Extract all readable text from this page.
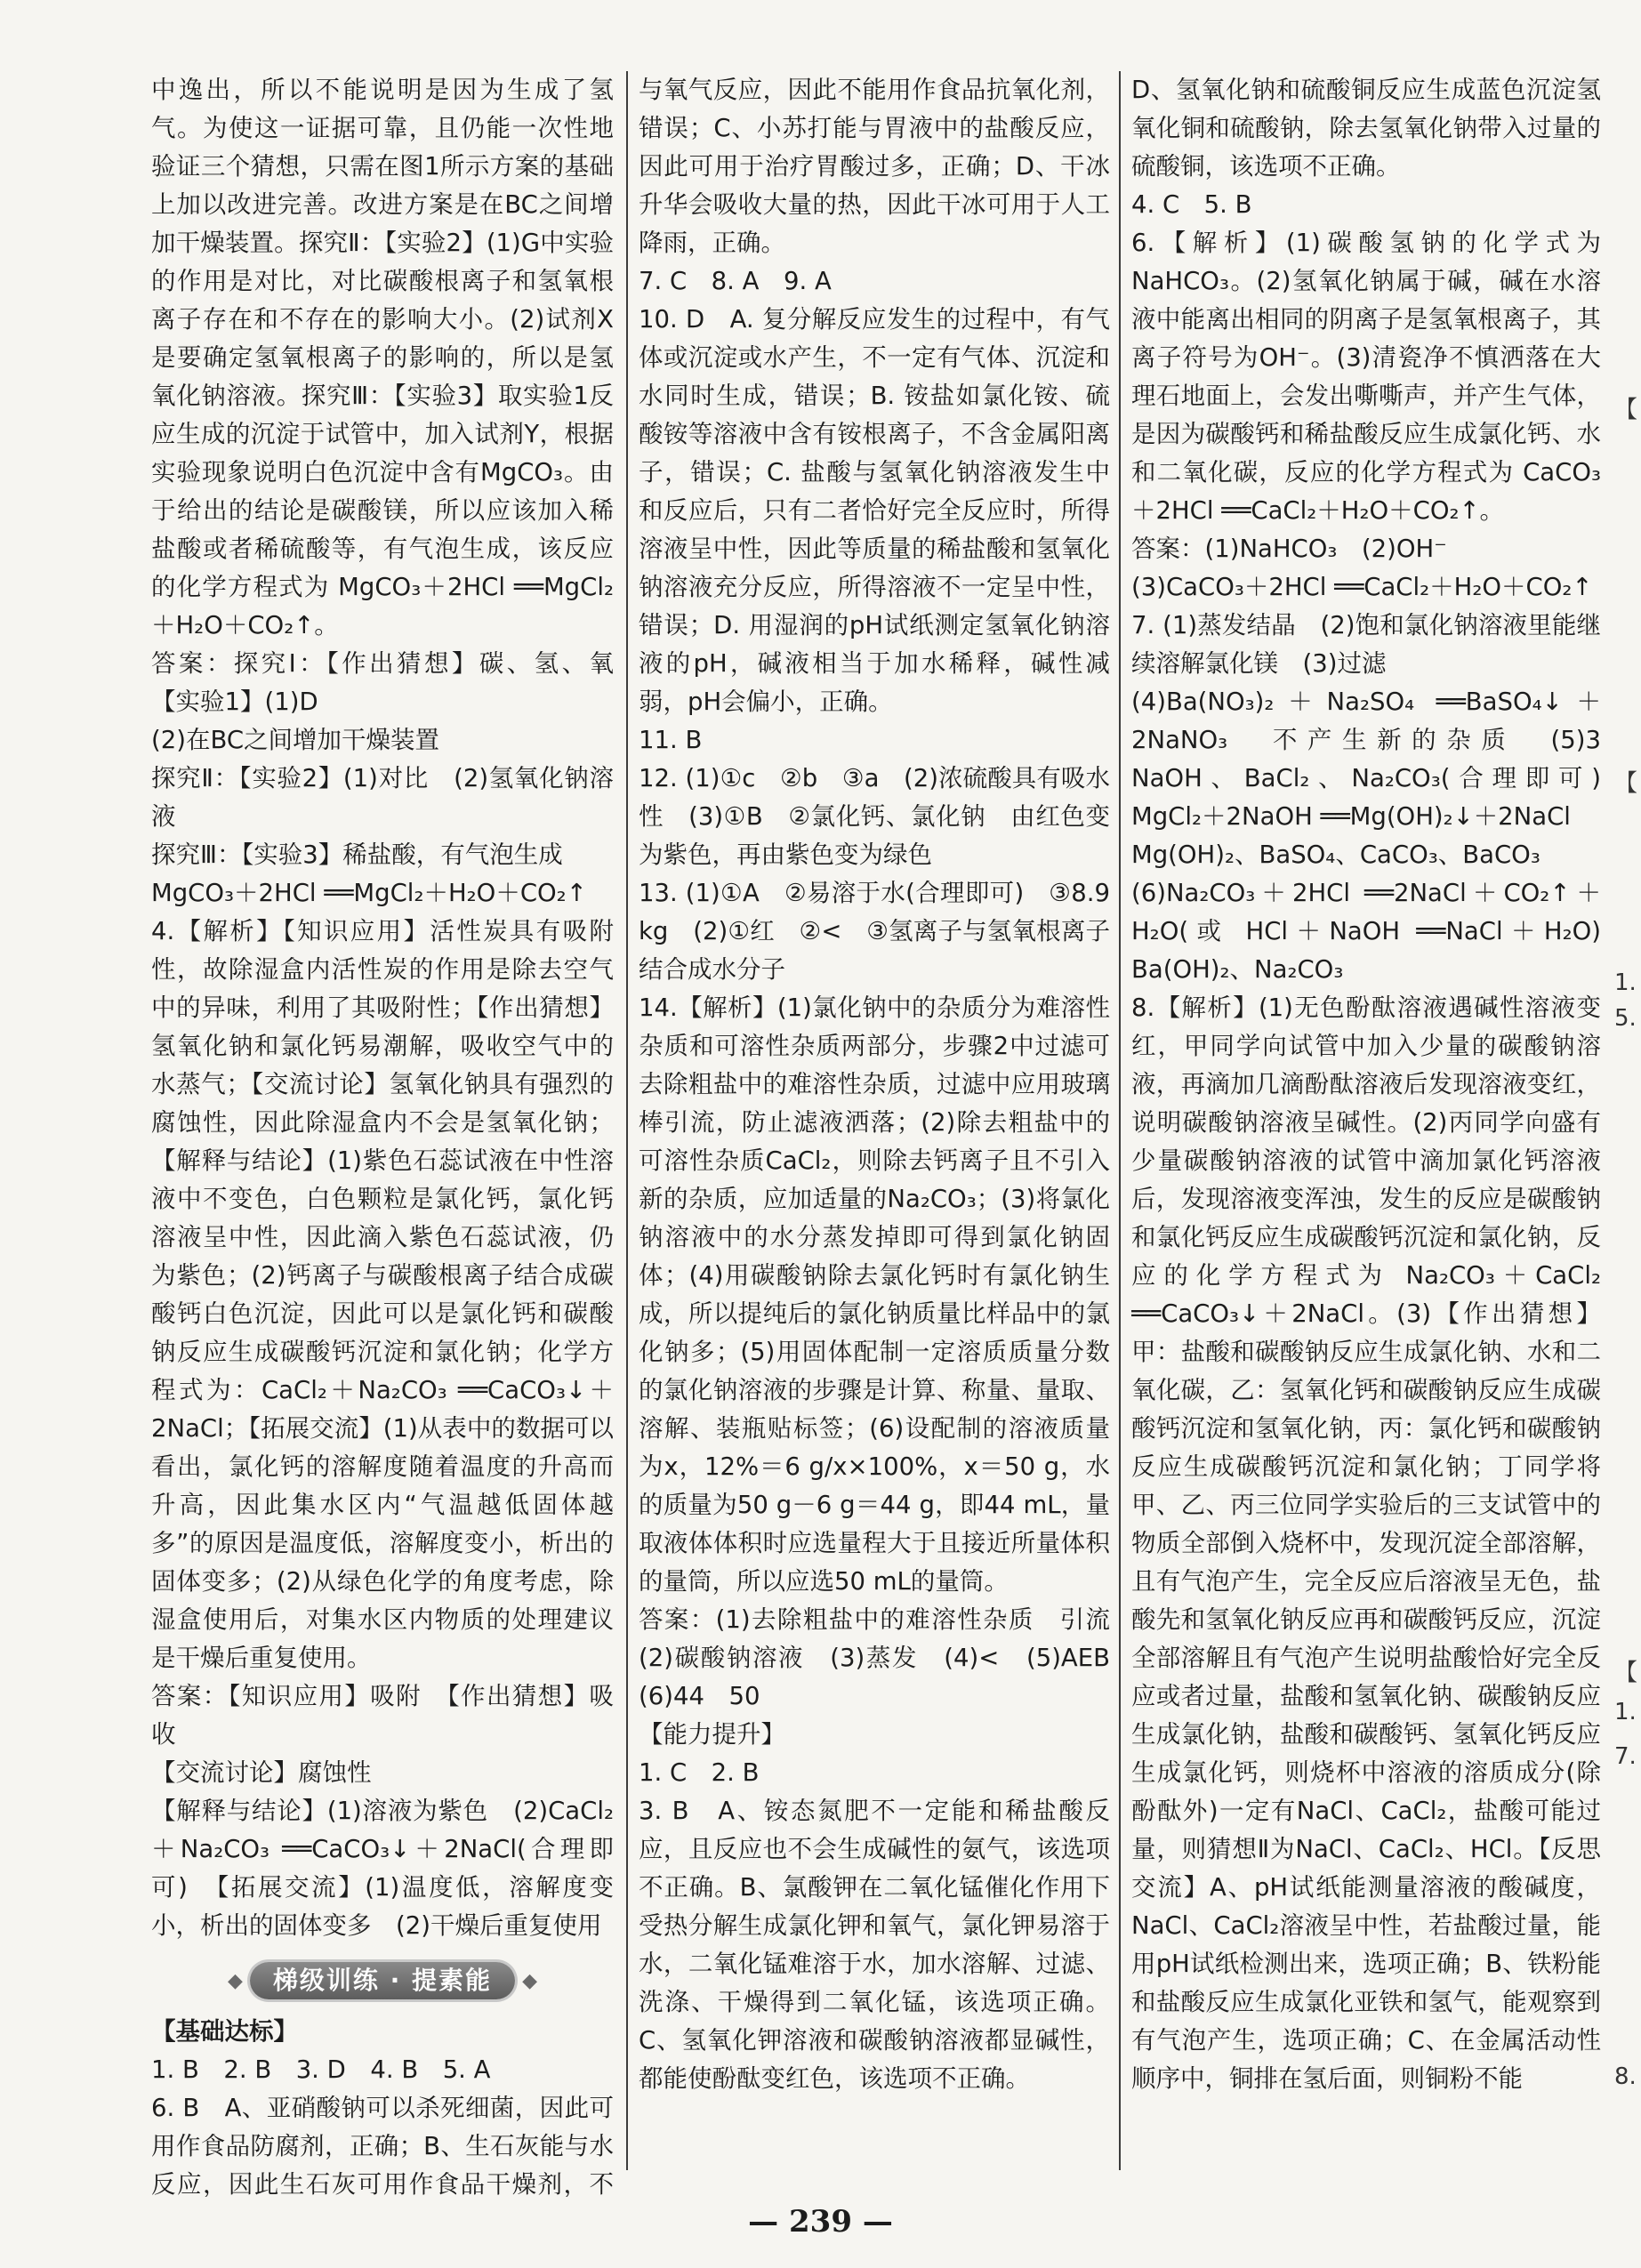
中逸出，所以不能说明是因为生成了氢气。为使这一证据可靠，且仍能一次性地验证三个猜想，只需在图1所示方案的基础上加以改进完善。改进方案是在BC之间增加干燥装置。探究Ⅱ：【实验2】(1)G中实验的作用是对比，对比碳酸根离子和氢氧根离子存在和不存在的影响大小。(2)试剂X是要确定氢氧根离子的影响的，所以是氢氧化钠溶液。探究Ⅲ：【实验3】取实验1反应生成的沉淀于试管中，加入试剂Y，根据实验现象说明白色沉淀中含有MgCO₃。由于给出的结论是碳酸镁，所以应该加入稀盐酸或者稀硫酸等，有气泡生成，该反应的化学方程式为 MgCO₃＋2HCl ══MgCl₂＋H₂O＋CO₂↑。

答案：探究Ⅰ：【作出猜想】碳、氢、氧　【实验1】(1)D

(2)在BC之间增加干燥装置

探究Ⅱ：【实验2】(1)对比　(2)氢氧化钠溶液

探究Ⅲ：【实验3】稀盐酸，有气泡生成

MgCO₃＋2HCl ══MgCl₂＋H₂O＋CO₂↑

4.【解析】【知识应用】活性炭具有吸附性，故除湿盒内活性炭的作用是除去空气中的异味，利用了其吸附性；【作出猜想】氢氧化钠和氯化钙易潮解，吸收空气中的水蒸气；【交流讨论】氢氧化钠具有强烈的腐蚀性，因此除湿盒内不会是氢氧化钠；【解释与结论】(1)紫色石蕊试液在中性溶液中不变色，白色颗粒是氯化钙，氯化钙溶液呈中性，因此滴入紫色石蕊试液，仍为紫色；(2)钙离子与碳酸根离子结合成碳酸钙白色沉淀，因此可以是氯化钙和碳酸钠反应生成碳酸钙沉淀和氯化钠；化学方程式为：CaCl₂＋Na₂CO₃ ══CaCO₃↓＋2NaCl；【拓展交流】(1)从表中的数据可以看出，氯化钙的溶解度随着温度的升高而升高，因此集水区内“气温越低固体越多”的原因是温度低，溶解度变小，析出的固体变多；(2)从绿色化学的角度考虑，除湿盒使用后，对集水区内物质的处理建议是干燥后重复使用。

答案：【知识应用】吸附　【作出猜想】吸收

【交流讨论】腐蚀性

【解释与结论】(1)溶液为紫色　(2)CaCl₂＋Na₂CO₃ ══CaCO₃↓＋2NaCl(合理即可)　【拓展交流】(1)温度低，溶解度变小，析出的固体变多　(2)干燥后重复使用

◆	梯级训练 · 提素能	◆

【基础达标】

1. B　2. B　3. D　4. B　5. A

6. B　A、亚硝酸钠可以杀死细菌，因此可用作食品防腐剂，正确；B、生石灰能与水反应，因此生石灰可用作食品干燥剂，不

与氧气反应，因此不能用作食品抗氧化剂，错误；C、小苏打能与胃液中的盐酸反应，因此可用于治疗胃酸过多，正确；D、干冰升华会吸收大量的热，因此干冰可用于人工降雨，正确。

7. C　8. A　9. A

10. D　A. 复分解反应发生的过程中，有气体或沉淀或水产生，不一定有气体、沉淀和水同时生成，错误；B. 铵盐如氯化铵、硫酸铵等溶液中含有铵根离子，不含金属阳离子，错误；C. 盐酸与氢氧化钠溶液发生中和反应后，只有二者恰好完全反应时，所得溶液呈中性，因此等质量的稀盐酸和氢氧化钠溶液充分反应，所得溶液不一定呈中性，错误；D. 用湿润的pH试纸测定氢氧化钠溶液的pH，碱液相当于加水稀释，碱性减弱，pH会偏小，正确。

11. B

12. (1)①c　②b　③a　(2)浓硫酸具有吸水性　(3)①B　②氯化钙、氯化钠　由红色变为紫色，再由紫色变为绿色

13. (1)①A　②易溶于水(合理即可)　③8.9 kg　(2)①红　②<　③氢离子与氢氧根离子结合成水分子

14.【解析】(1)氯化钠中的杂质分为难溶性杂质和可溶性杂质两部分，步骤2中过滤可去除粗盐中的难溶性杂质，过滤中应用玻璃棒引流，防止滤液洒落；(2)除去粗盐中的可溶性杂质CaCl₂，则除去钙离子且不引入新的杂质，应加适量的Na₂CO₃；(3)将氯化钠溶液中的水分蒸发掉即可得到氯化钠固体；(4)用碳酸钠除去氯化钙时有氯化钠生成，所以提纯后的氯化钠质量比样品中的氯化钠多；(5)用固体配制一定溶质质量分数的氯化钠溶液的步骤是计算、称量、量取、溶解、装瓶贴标签；(6)设配制的溶液质量为x，12%＝6 g/x×100%，x＝50 g，水的质量为50 g－6 g＝44 g，即44 mL，量取液体体积时应选量程大于且接近所量体积的量筒，所以应选50 mL的量筒。

答案：(1)去除粗盐中的难溶性杂质　引流　(2)碳酸钠溶液　(3)蒸发　(4)<　(5)AEB　(6)44　50

【能力提升】

1. C　2. B

3. B　A、铵态氮肥不一定能和稀盐酸反应，且反应也不会生成碱性的氨气，该选项不正确。B、氯酸钾在二氧化锰催化作用下受热分解生成氯化钾和氧气，氯化钾易溶于水，二氧化锰难溶于水，加水溶解、过滤、洗涤、干燥得到二氧化锰，该选项正确。C、氢氧化钾溶液和碳酸钠溶液都显碱性，都能使酚酞变红色，该选项不正确。

D、氢氧化钠和硫酸铜反应生成蓝色沉淀氢氧化铜和硫酸钠，除去氢氧化钠带入过量的硫酸铜，该选项不正确。

4. C　5. B

6.【解析】(1)碳酸氢钠的化学式为NaHCO₃。(2)氢氧化钠属于碱，碱在水溶液中能离出相同的阴离子是氢氧根离子，其离子符号为OH⁻。(3)清瓷净不慎洒落在大理石地面上，会发出嘶嘶声，并产生气体，是因为碳酸钙和稀盐酸反应生成氯化钙、水和二氧化碳，反应的化学方程式为 CaCO₃＋2HCl ══CaCl₂＋H₂O＋CO₂↑。

答案：(1)NaHCO₃　(2)OH⁻

(3)CaCO₃＋2HCl ══CaCl₂＋H₂O＋CO₂↑

7. (1)蒸发结晶　(2)饱和氯化钠溶液里能继续溶解氯化镁　(3)过滤

(4)Ba(NO₃)₂＋Na₂SO₄ ══BaSO₄↓＋2NaNO₃　不产生新的杂质　(5)3　NaOH、BaCl₂、Na₂CO₃(合理即可)　MgCl₂＋2NaOH ══Mg(OH)₂↓＋2NaCl

Mg(OH)₂、BaSO₄、CaCO₃、BaCO₃

(6)Na₂CO₃＋2HCl ══2NaCl＋CO₂↑＋H₂O(或 HCl＋NaOH ══NaCl＋H₂O)　Ba(OH)₂、Na₂CO₃

8.【解析】(1)无色酚酞溶液遇碱性溶液变红，甲同学向试管中加入少量的碳酸钠溶液，再滴加几滴酚酞溶液后发现溶液变红，说明碳酸钠溶液呈碱性。(2)丙同学向盛有少量碳酸钠溶液的试管中滴加氯化钙溶液后，发现溶液变浑浊，发生的反应是碳酸钠和氯化钙反应生成碳酸钙沉淀和氯化钠，反应的化学方程式为 Na₂CO₃＋CaCl₂ ══CaCO₃↓＋2NaCl。(3)【作出猜想】甲：盐酸和碳酸钠反应生成氯化钠、水和二氧化碳，乙：氢氧化钙和碳酸钠反应生成碳酸钙沉淀和氢氧化钠，丙：氯化钙和碳酸钠反应生成碳酸钙沉淀和氯化钠；丁同学将甲、乙、丙三位同学实验后的三支试管中的物质全部倒入烧杯中，发现沉淀全部溶解，且有气泡产生，完全反应后溶液呈无色，盐酸先和氢氧化钠反应再和碳酸钙反应，沉淀全部溶解且有气泡产生说明盐酸恰好完全反应或者过量，盐酸和氢氧化钠、碳酸钠反应生成氯化钠，盐酸和碳酸钙、氢氧化钙反应生成氯化钙，则烧杯中溶液的溶质成分(除酚酞外)一定有NaCl、CaCl₂，盐酸可能过量，则猜想Ⅱ为NaCl、CaCl₂、HCl。【反思交流】A、pH试纸能测量溶液的酸碱度，NaCl、CaCl₂溶液呈中性，若盐酸过量，能用pH试纸检测出来，选项正确；B、铁粉能和盐酸反应生成氯化亚铁和氢气，能观察到有气泡产生，选项正确；C、在金属活动性顺序中，铜排在氢后面，则铜粉不能

【
【
1.
5.
【
1.
7.
8.
— 239 —
